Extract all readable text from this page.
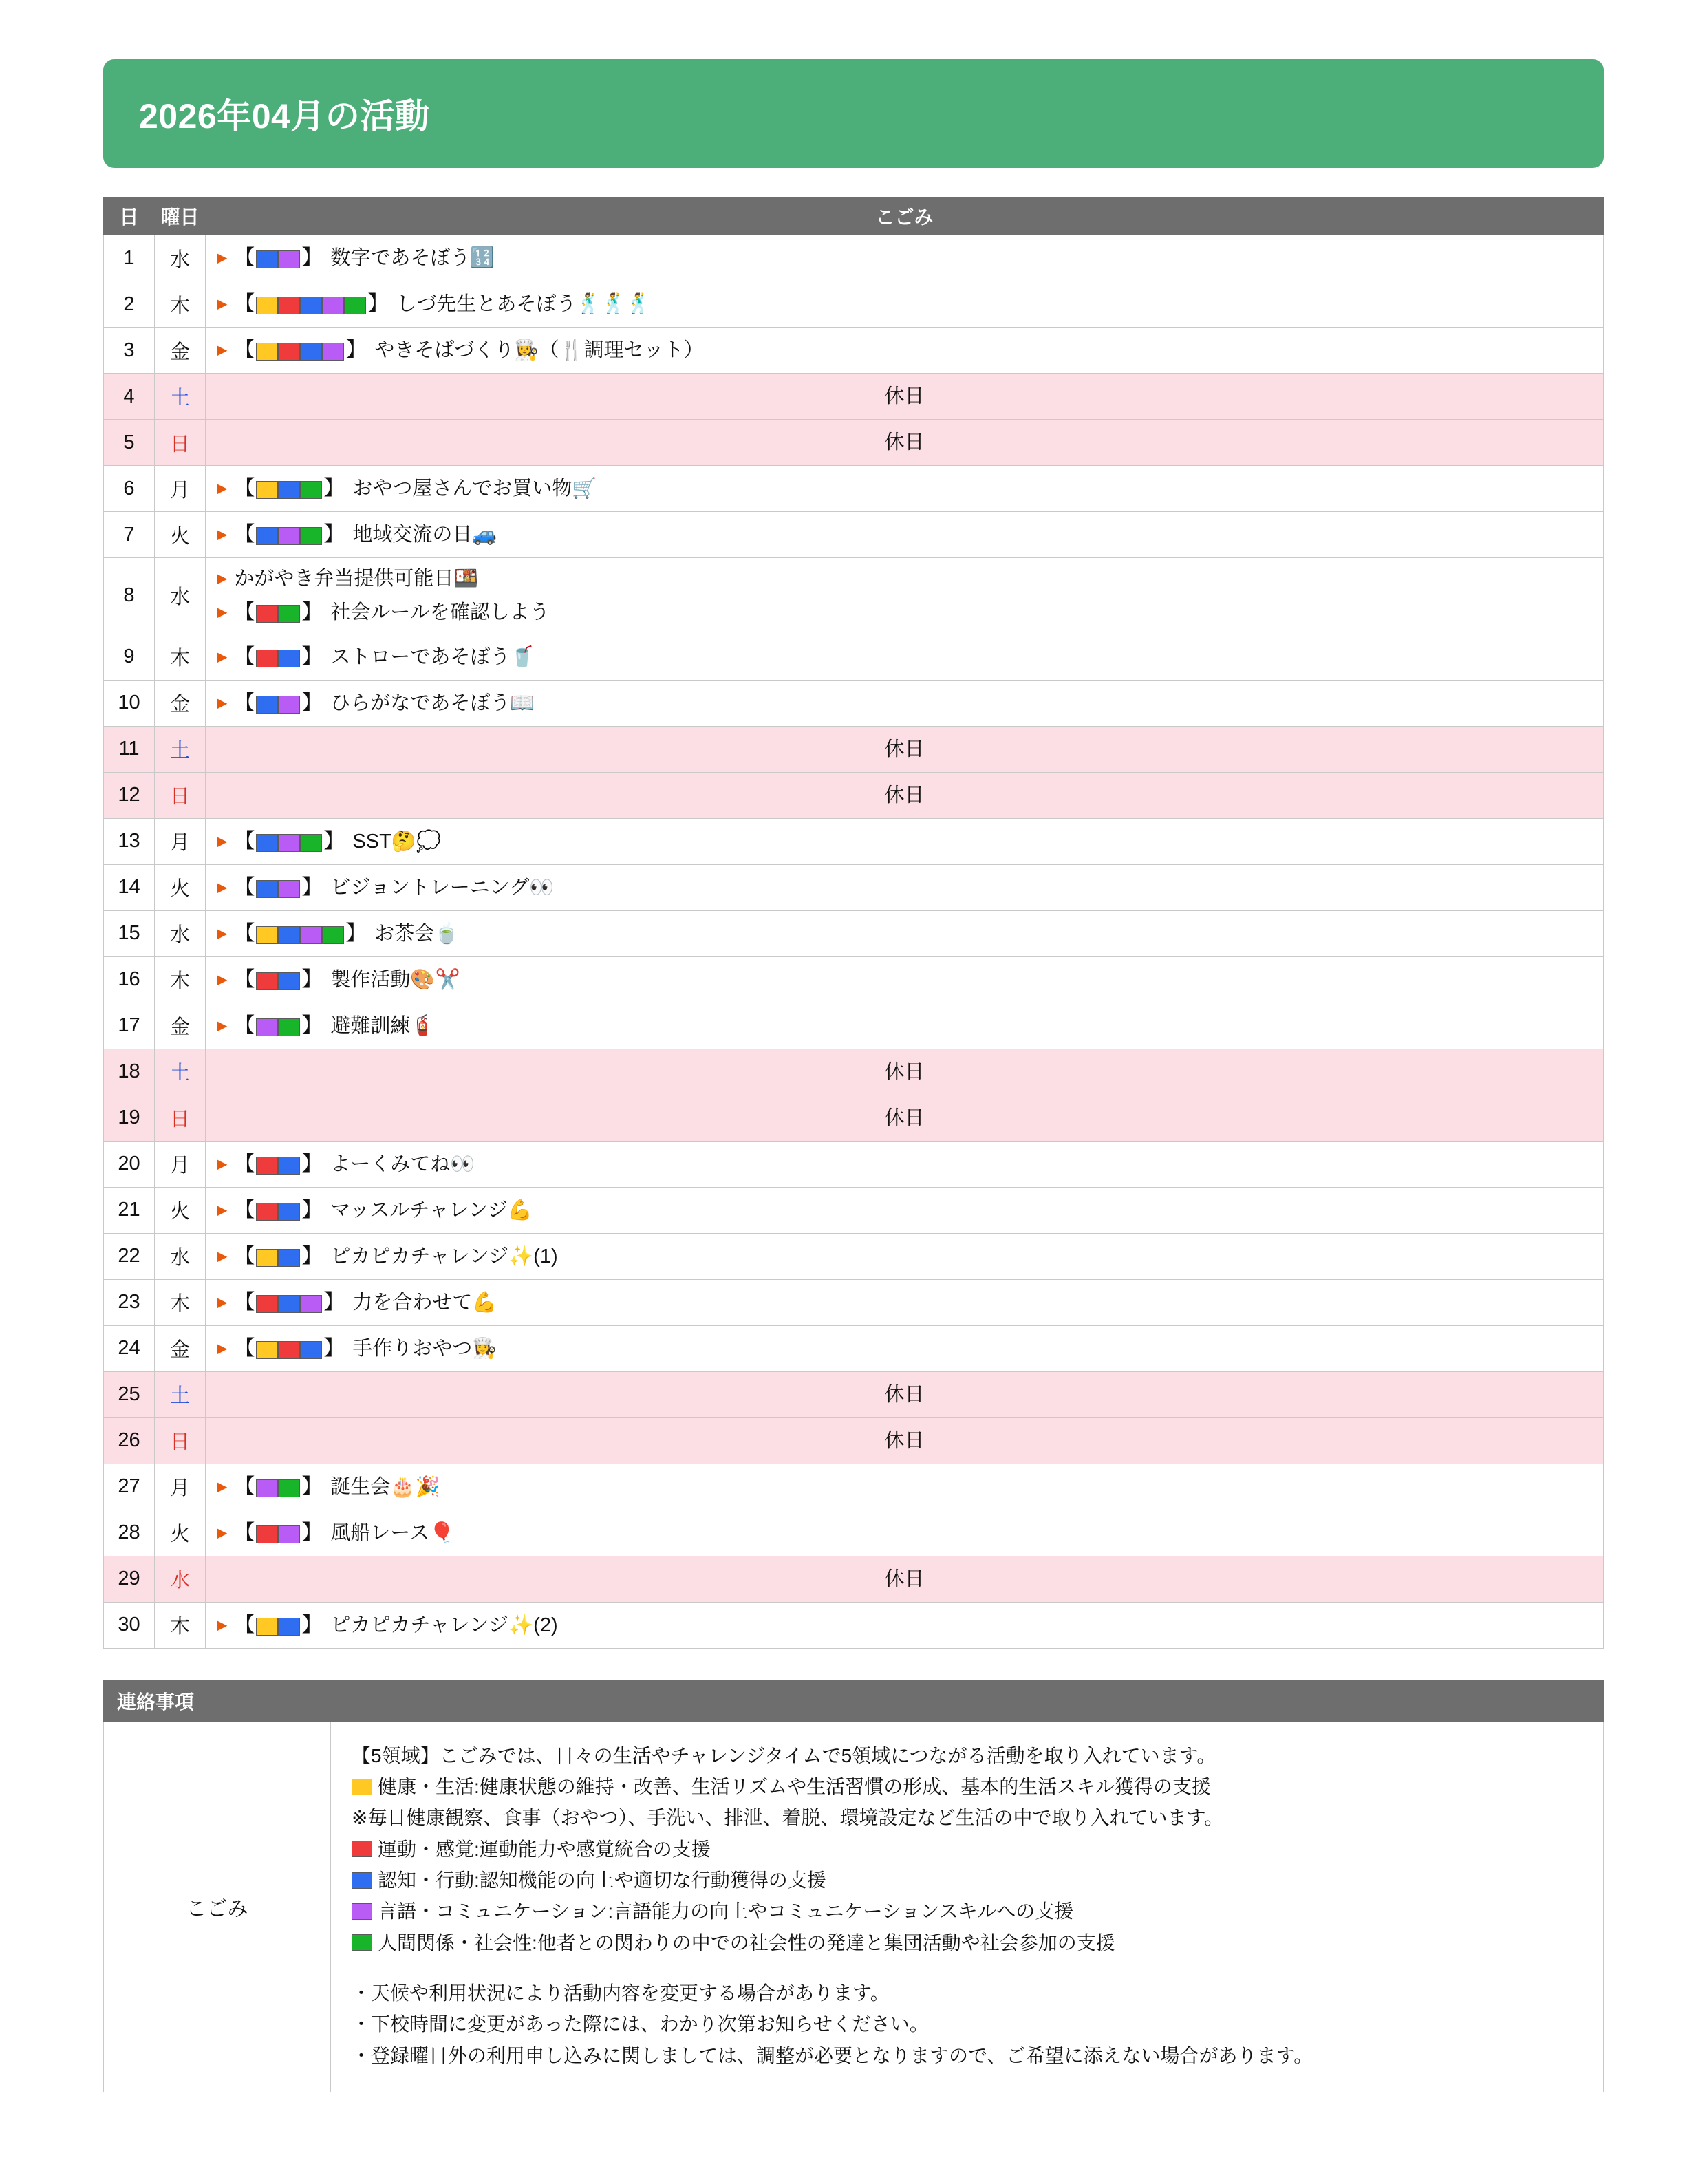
2026年04月の活動
日	曜日	こごみ
1	水	▶ 【 】 数字であそぼう🔢

2	木	▶ 【 】 しづ先生とあそぼう🕺🕺🕺

3	金	▶ 【 】 やきそばづくり👩‍🍳（🍴調理セット）

4	土	休日
5	日	休日
6	月	▶ 【 】 おやつ屋さんでお買い物🛒

7	火	▶ 【 】 地域交流の日🚙

8	水	
▶ かがやき弁当提供可能日🍱
▶ 【 】 社会ルールを確認しよう

9	木	▶ 【 】 ストローであそぼう🥤

10	金	▶ 【 】 ひらがなであそぼう📖

11	土	休日
12	日	休日
13	月	▶ 【 】 SST🤔💭

14	火	▶ 【 】 ビジョントレーニング👀

15	水	▶ 【 】 お茶会🍵

16	木	▶ 【 】 製作活動🎨✂️

17	金	▶ 【 】 避難訓練🧯

18	土	休日
19	日	休日
20	月	▶ 【 】 よーくみてね👀

21	火	▶ 【 】 マッスルチャレンジ💪

22	水	▶ 【 】 ピカピカチャレンジ✨(1)

23	木	▶ 【 】 力を合わせて💪

24	金	▶ 【 】 手作りおやつ👩‍🍳

25	土	休日
26	日	休日
27	月	▶ 【 】 誕生会🎂🎉

28	火	▶ 【 】 風船レース🎈

29	水	休日
30	木	▶ 【 】 ピカピカチャレンジ✨(2)
連絡事項
こごみ	
【5領域】こごみでは、日々の生活やチャレンジタイムで5領域につながる活動を取り入れています。
健康・生活:健康状態の維持・改善、生活リズムや生活習慣の形成、基本的生活スキル獲得の支援
※毎日健康観察、食事（おやつ）、手洗い、排泄、着脱、環境設定など生活の中で取り入れています。
運動・感覚:運動能力や感覚統合の支援
認知・行動:認知機能の向上や適切な行動獲得の支援
言語・コミュニケーション:言語能力の向上やコミュニケーションスキルへの支援
人間関係・社会性:他者との関わりの中での社会性の発達と集団活動や社会参加の支援
・天候や利用状況により活動内容を変更する場合があります。
・下校時間に変更があった際には、わかり次第お知らせください。
・登録曜日外の利用申し込みに関しましては、調整が必要となりますので、ご希望に添えない場合があります。
